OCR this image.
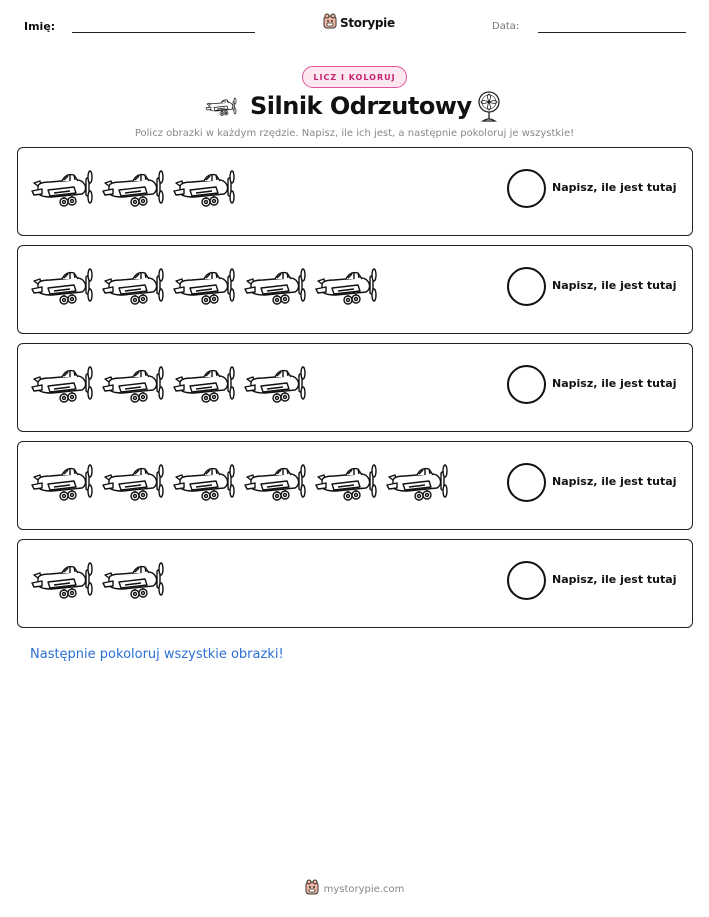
Imię:	Storypie	Data:
LICZ I KOLORUJ
Silnik Odrzutowy

Policz obrazki w każdym rzędzie. Napisz, ile ich jest, a następnie pokoloruj je wszystkie!

Napisz, ile jest tutaj
Napisz, ile jest tutaj
Napisz, ile jest tutaj
Napisz, ile jest tutaj
Napisz, ile jest tutaj

Następnie pokoloruj wszystkie obrazki!

mystorypie.com
